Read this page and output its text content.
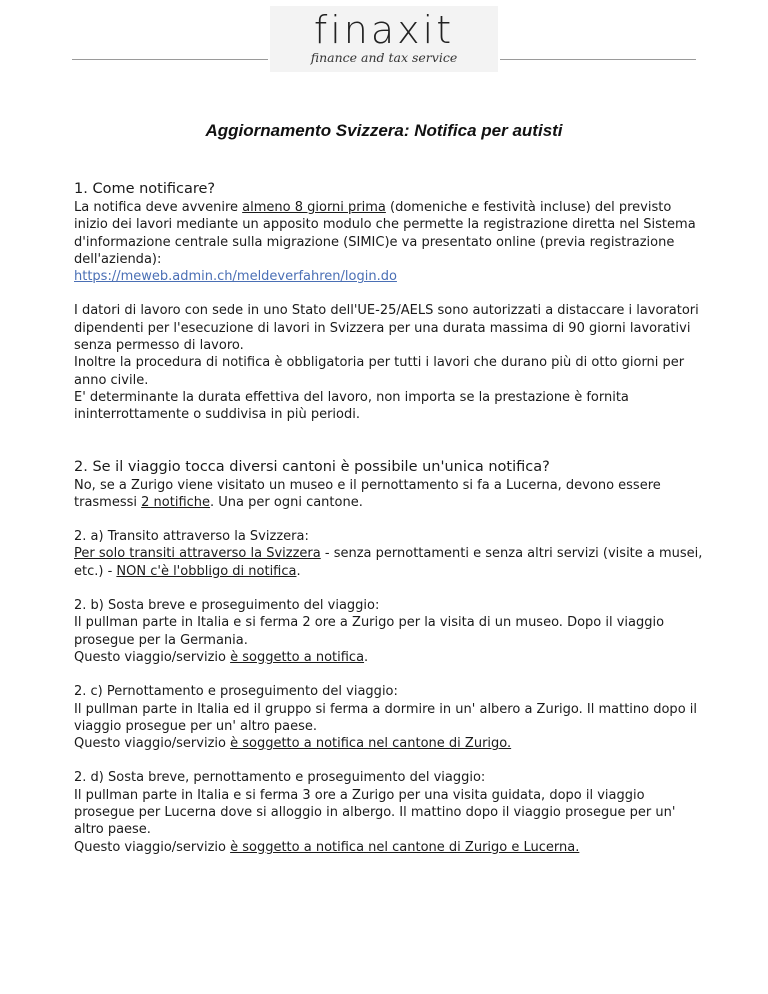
finaxit
finance and tax service
Aggiornamento Svizzera: Notifica per autisti

1. Come notificare?

La notifica deve avvenire almeno 8 giorni prima (domeniche e festività incluse) del previsto inizio dei lavori mediante un apposito modulo che permette la registrazione diretta nel Sistema d'informazione centrale sulla migrazione (SIMIC)e va presentato online (previa registrazione dell'azienda):

https://meweb.admin.ch/meldeverfahren/login.do

I datori di lavoro con sede in uno Stato dell'UE-25/AELS sono autorizzati a distaccare i lavoratori dipendenti per l'esecuzione di lavori in Svizzera per una durata massima di 90 giorni lavorativi senza permesso di lavoro.

Inoltre la procedura di notifica è obbligatoria per tutti i lavori che durano più di otto giorni per anno civile.

E' determinante la durata effettiva del lavoro, non importa se la prestazione è fornita ininterrottamente o suddivisa in più periodi.

2. Se il viaggio tocca diversi cantoni è possibile un'unica notifica?

No, se a Zurigo viene visitato un museo e il pernottamento si fa a Lucerna, devono essere trasmessi 2 notifiche. Una per ogni cantone.

2. a) Transito attraverso la Svizzera:

Per solo transiti attraverso la Svizzera - senza pernottamenti e senza altri servizi (visite a musei, etc.) - NON c'è l'obbligo di notifica.

2. b) Sosta breve e proseguimento del viaggio:

Il pullman parte in Italia e si ferma 2 ore a Zurigo per la visita di un museo. Dopo il viaggio prosegue per la Germania.

Questo viaggio/servizio è soggetto a notifica.

2. c) Pernottamento e proseguimento del viaggio:

Il pullman parte in Italia ed il gruppo si ferma a dormire in un' albero a Zurigo. Il mattino dopo il viaggio prosegue per un' altro paese.

Questo viaggio/servizio è soggetto a notifica nel cantone di Zurigo.

2. d) Sosta breve, pernottamento e proseguimento del viaggio:

Il pullman parte in Italia e si ferma 3 ore a Zurigo per una visita guidata, dopo il viaggio prosegue per Lucerna dove si alloggio in albergo. Il mattino dopo il viaggio prosegue per un' altro paese.

Questo viaggio/servizio è soggetto a notifica nel cantone di Zurigo e Lucerna.
